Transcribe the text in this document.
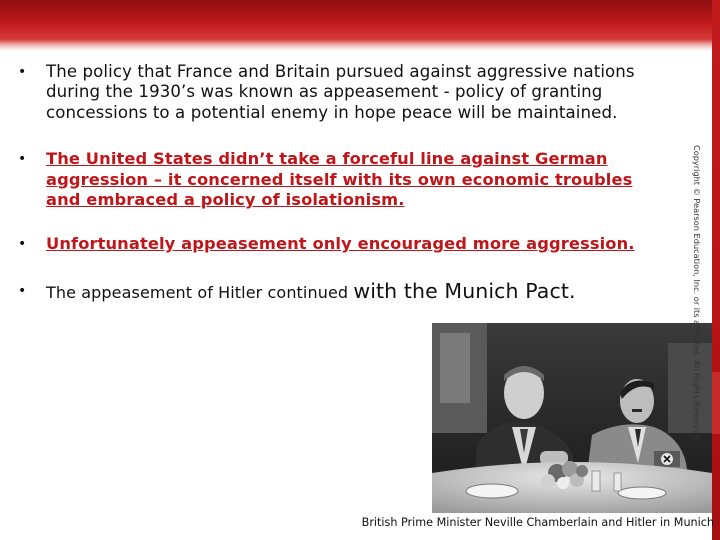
• The policy that France and Britain pursued against aggressive nations
during the 1930’s was known as appeasement - policy of granting
concessions to a potential enemy in hope peace will be maintained.
• The United States didn’t take a forceful line against German
aggression – it concerned itself with its own economic troubles
and embraced a policy of isolationism.
• Unfortunately appeasement only encouraged more aggression.
• The appeasement of Hitler continued with the Munich Pact.
British Prime Minister Neville Chamberlain and Hitler in Munich
Copyright © Pearson Education, Inc. or its affiliates. All Rights Reserved.
